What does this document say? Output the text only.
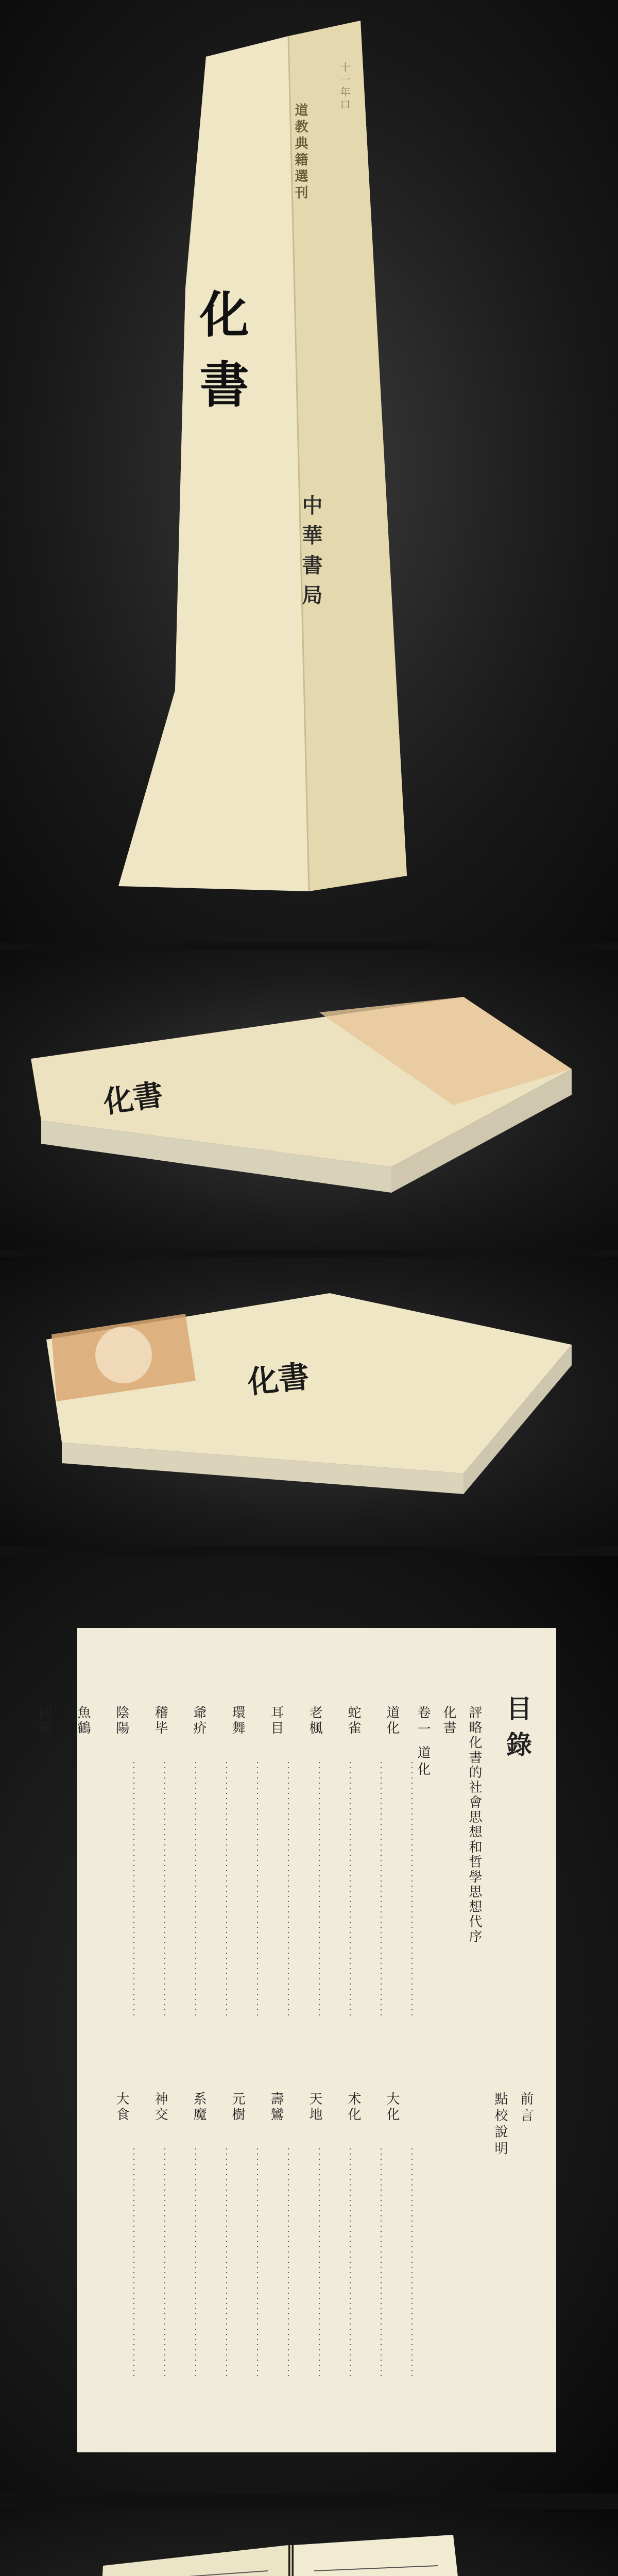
道教典籍選刊
化書
中華書局
十一年口
化書
化書
目錄
評略化書的社會思想和哲學思想代序
化書
卷一 道化
道化
蛇雀
老楓
耳目
環舞
爺疥
稽毕
陰陽
魚鶴
四鎮
大化
术化
天地
壽鸞
元樹
系魔
神交
大食	前言
點校說明
